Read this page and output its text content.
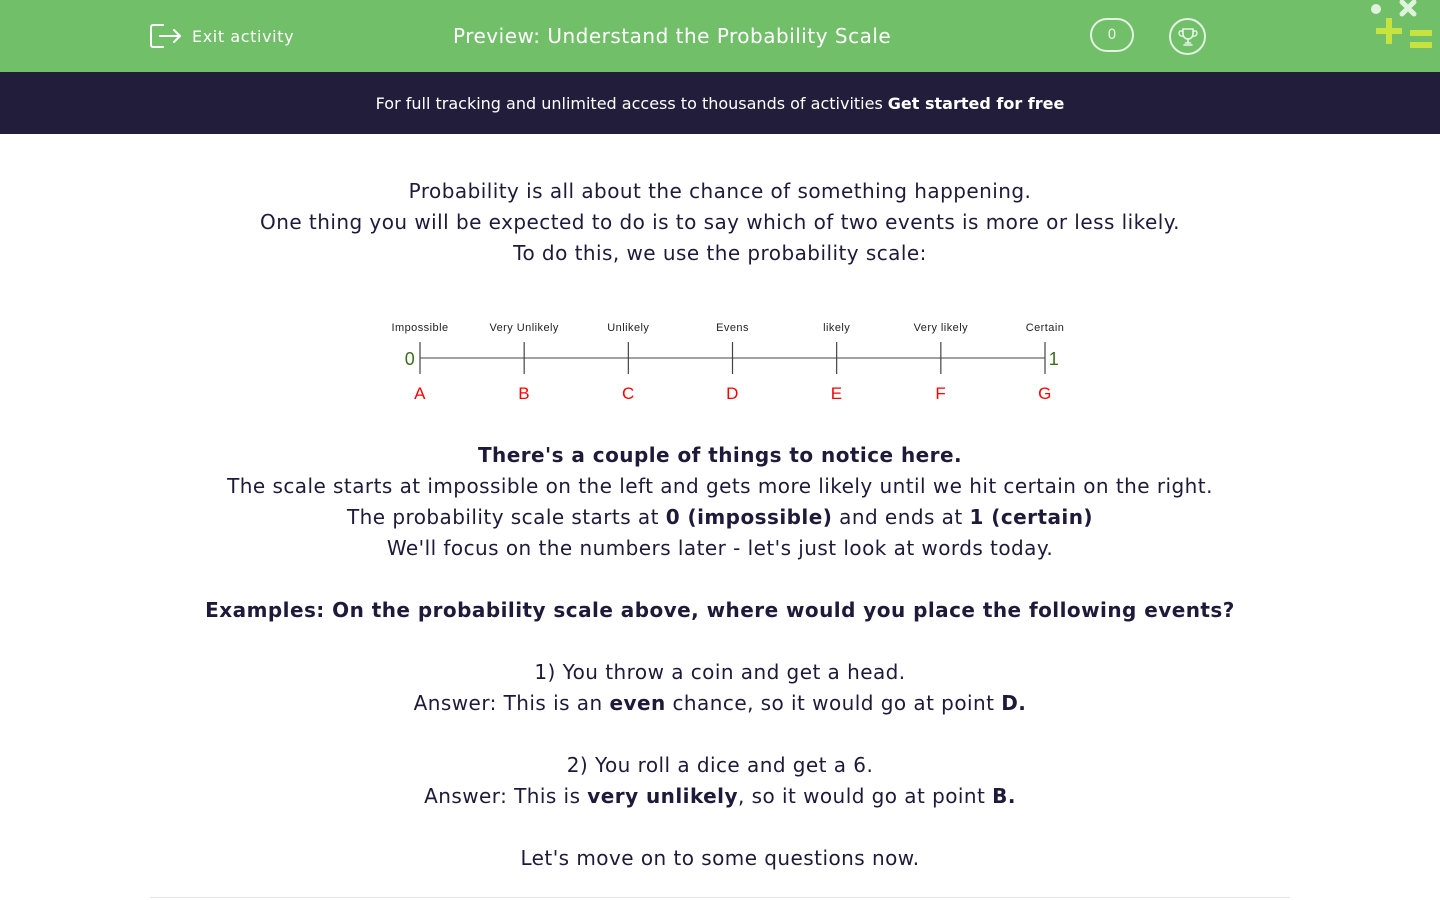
Exit activity	Preview: Understand the Probability Scale	0
For full tracking and unlimited access to thousands of activities Get started for free

Probability is all about the chance of something happening.

One thing you will be expected to do is to say which of two events is more or less likely.

To do this, we use the probability scale:

Impossible
A
Very Unlikely
B
Unlikely
C
Evens
D
likely
E
Very likely
F
Certain
G
0	1

There's a couple of things to notice here.

The scale starts at impossible on the left and gets more likely until we hit certain on the right.

The probability scale starts at 0 (impossible) and ends at 1 (certain)

We'll focus on the numbers later - let's just look at words today.

Examples: On the probability scale above, where would you place the following events?

1) You throw a coin and get a head.

Answer: This is an even chance, so it would go at point D.

2) You roll a dice and get a 6.

Answer: This is very unlikely, so it would go at point B.

Let's move on to some questions now.
